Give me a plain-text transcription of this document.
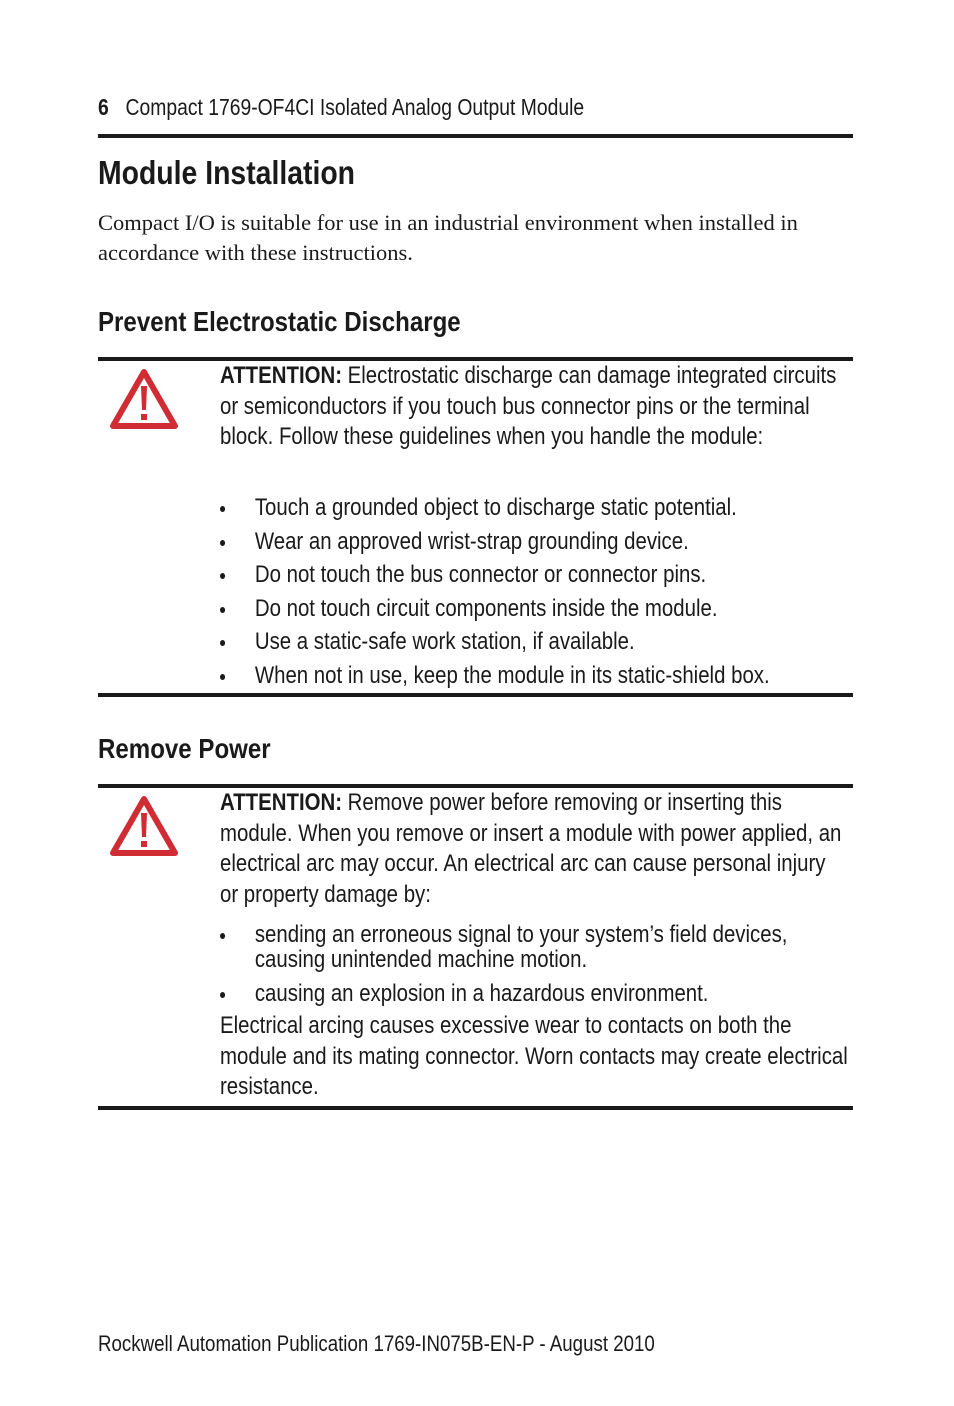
6 Compact 1769-OF4CI Isolated Analog Output Module
Module Installation

Compact I/O is suitable for use in an industrial environment when installed in accordance with these instructions.

Prevent Electrostatic Discharge
ATTENTION: Electrostatic discharge can damage integrated circuits or semiconductors if you touch bus connector pins or the terminal block. Follow these guidelines when you handle the module:
Touch a grounded object to discharge static potential.
Wear an approved wrist-strap grounding device.
Do not touch the bus connector or connector pins.
Do not touch circuit components inside the module.
Use a static-safe work station, if available.
When not in use, keep the module in its static-shield box.
Remove Power
ATTENTION: Remove power before removing or inserting this module. When you remove or insert a module with power applied, an electrical arc may occur. An electrical arc can cause personal injury or property damage by:
sending an erroneous signal to your system’s field devices, causing unintended machine motion.
causing an explosion in a hazardous environment.
Electrical arcing causes excessive wear to contacts on both the module and its mating connector. Worn contacts may create electrical resistance.
Rockwell Automation Publication 1769-IN075B-EN-P - August 2010
